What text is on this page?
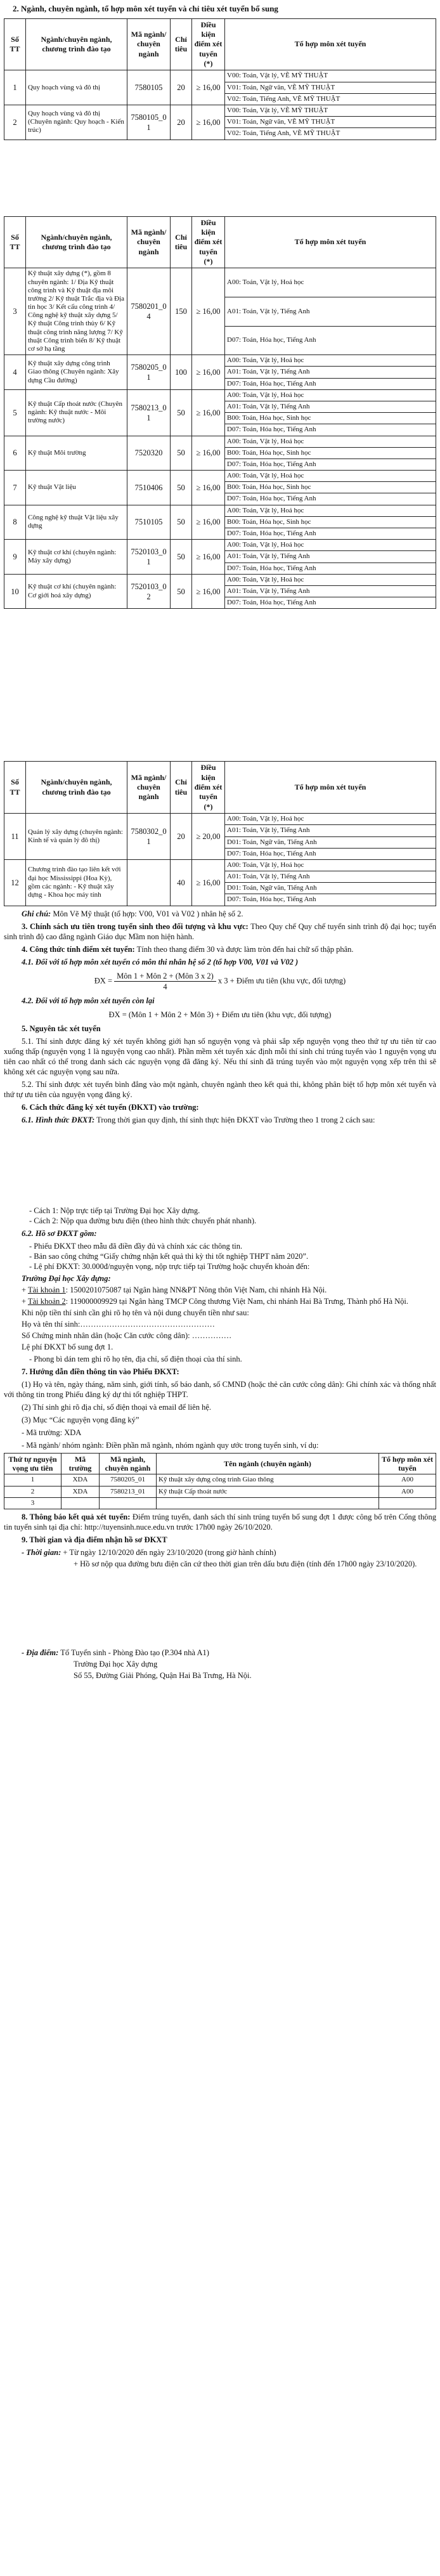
2. Ngành, chuyên ngành, tổ hợp môn xét tuyển và chỉ tiêu xét tuyển bổ sung
Số TT	Ngành/chuyên ngành, chương trình đào tạo	Mã ngành/ chuyên ngành	Chỉ tiêu	Điều kiện điểm xét tuyển (*)	Tổ hợp môn xét tuyển
1	Quy hoạch vùng và đô thị	7580105	20	≥ 16,00	V00: Toán, Vật lý, VẼ MỸ THUẬT
					V01: Toán, Ngữ văn, VẼ MỸ THUẬT
					V02: Toán, Tiếng Anh, VẼ MỸ THUẬT
2	Quy hoạch vùng và đô thị (Chuyên ngành: Quy hoạch - Kiến trúc)	7580105_01	20	≥ 16,00	V00: Toán, Vật lý, VẼ MỸ THUẬT
					V01: Toán, Ngữ văn, VẼ MỸ THUẬT
					V02: Toán, Tiếng Anh, VẼ MỸ THUẬT
Số TT	Ngành/chuyên ngành, chương trình đào tạo	Mã ngành/ chuyên ngành	Chỉ tiêu	Điều kiện điểm xét tuyển (*)	Tổ hợp môn xét tuyển
3	Kỹ thuật xây dựng (*), gồm 8 chuyên ngành: 1/ Địa Kỹ thuật công trình và Kỹ thuật địa môi trường 2/ Kỹ thuật Trắc địa và Địa tin học 3/ Kết cấu công trình 4/ Công nghệ kỹ thuật xây dựng 5/ Kỹ thuật Công trình thủy 6/ Kỹ thuật công trình năng lượng 7/ Kỹ thuật Công trình biển 8/ Kỹ thuật cơ sở hạ tầng	7580201_04	150	≥ 16,00	A00: Toán, Vật lý, Hoá học
					A01: Toán, Vật lý, Tiếng Anh
					D07: Toán, Hóa học, Tiếng Anh
4	Kỹ thuật xây dựng công trình Giao thông (Chuyên ngành: Xây dựng Cầu đường)	7580205_01	100	≥ 16,00	A00: Toán, Vật lý, Hoá học
					A01: Toán, Vật lý, Tiếng Anh
					D07: Toán, Hóa học, Tiếng Anh
5	Kỹ thuật Cấp thoát nước (Chuyên ngành: Kỹ thuật nước - Môi trường nước)	7580213_01	50	≥ 16,00	A00: Toán, Vật lý, Hoá học
					A01: Toán, Vật lý, Tiếng Anh
					B00: Toán, Hóa học, Sinh học
					D07: Toán, Hóa học, Tiếng Anh
6	Kỹ thuật Môi trường	7520320	50	≥ 16,00	A00: Toán, Vật lý, Hoá học
					B00: Toán, Hóa học, Sinh học
					D07: Toán, Hóa học, Tiếng Anh
7	Kỹ thuật Vật liệu	7510406	50	≥ 16,00	A00: Toán, Vật lý, Hoá học
					B00: Toán, Hóa học, Sinh học
					D07: Toán, Hóa học, Tiếng Anh
8	Công nghệ kỹ thuật Vật liệu xây dựng	7510105	50	≥ 16,00	A00: Toán, Vật lý, Hoá học
					B00: Toán, Hóa học, Sinh học
					D07: Toán, Hóa học, Tiếng Anh
9	Kỹ thuật cơ khí (chuyên ngành: Máy xây dựng)	7520103_01	50	≥ 16,00	A00: Toán, Vật lý, Hoá học
					A01: Toán, Vật lý, Tiếng Anh
					D07: Toán, Hóa học, Tiếng Anh
10	Kỹ thuật cơ khí (chuyên ngành: Cơ giới hoá xây dựng)	7520103_02	50	≥ 16,00	A00: Toán, Vật lý, Hoá học
					A01: Toán, Vật lý, Tiếng Anh
					D07: Toán, Hóa học, Tiếng Anh
Số TT	Ngành/chuyên ngành, chương trình đào tạo	Mã ngành/ chuyên ngành	Chỉ tiêu	Điều kiện điểm xét tuyển (*)	Tổ hợp môn xét tuyển
11	Quản lý xây dựng (chuyên ngành: Kinh tế và quản lý đô thị)	7580302_01	20	≥ 20,00	A00: Toán, Vật lý, Hoá học
					A01: Toán, Vật lý, Tiếng Anh
					D01: Toán, Ngữ văn, Tiếng Anh
					D07: Toán, Hóa học, Tiếng Anh
12	Chương trình đào tạo liên kết với đại học Mississippi (Hoa Kỳ), gồm các ngành: - Kỹ thuật xây dựng - Khoa học máy tính		40	≥ 16,00	A00: Toán, Vật lý, Hoá học
					A01: Toán, Vật lý, Tiếng Anh
					D01: Toán, Ngữ văn, Tiếng Anh
					D07: Toán, Hóa học, Tiếng Anh

Ghi chú: Môn Vẽ Mỹ thuật (tổ hợp: V00, V01 và V02 ) nhân hệ số 2.

3. Chính sách ưu tiên trong tuyển sinh theo đối tượng và khu vực: Theo Quy chế Quy chế tuyển sinh trình độ đại học; tuyển sinh trình độ cao đẳng ngành Giáo dục Mầm non hiện hành.

4. Công thức tính điểm xét tuyển: Tính theo thang điểm 30 và được làm tròn đến hai chữ số thập phân.

4.1. Đối với tổ hợp môn xét tuyển có môn thi nhân hệ số 2 (tổ hợp V00, V01 và V02 )

ĐX = $\frac{\text{Môn 1 + Môn 2 + (Môn 3 x 2)}}{4}$ x 3 + Điểm ưu tiên (khu vực, đối tượng)

4.2. Đối với tổ hợp môn xét tuyển còn lại

ĐX = (Môn 1 + Môn 2 + Môn 3) + Điểm ưu tiên (khu vực, đối tượng)

5. Nguyên tắc xét tuyển

5.1. Thí sinh được đăng ký xét tuyển không giới hạn số nguyện vọng và phải sắp xếp nguyện vọng theo thứ tự ưu tiên từ cao xuống thấp (nguyện vọng 1 là nguyện vọng cao nhất). Phần mềm xét tuyển xác định mỗi thí sinh chỉ trúng tuyển vào 1 nguyện vọng ưu tiên cao nhất có thể trong danh sách các nguyện vọng đã đăng ký. Nếu thí sinh đã trúng tuyển vào một nguyện vọng xếp trên thì sẽ không xét các nguyện vọng sau nữa.

5.2. Thí sinh được xét tuyển bình đẳng vào một ngành, chuyên ngành theo kết quả thi, không phân biệt tổ hợp môn xét tuyển và thứ tự ưu tiên của nguyện vọng đăng ký.

6. Cách thức đăng ký xét tuyển (ĐKXT) vào trường:

6.1. Hình thức ĐKXT: Trong thời gian quy định, thí sinh thực hiện ĐKXT vào Trường theo 1 trong 2 cách sau:

- Cách 1: Nộp trực tiếp tại Trường Đại học Xây dựng.
- Cách 2: Nộp qua đường bưu điện (theo hình thức chuyển phát nhanh).

6.2. Hồ sơ ĐKXT gồm:

- Phiếu ĐKXT theo mẫu đã điền đầy đủ và chính xác các thông tin.
- Bản sao công chứng “Giấy chứng nhận kết quả thi kỳ thi tốt nghiệp THPT năm 2020”.
- Lệ phí ĐKXT: 30.000đ/nguyện vọng, nộp trực tiếp tại Trường hoặc chuyển khoản đến:

Trường Đại học Xây dựng:

+ Tài khoản 1: 1500201075087 tại Ngân hàng NN&PT Nông thôn Việt Nam, chi nhánh Hà Nội.

+ Tài khoản 2: 119000009929 tại Ngân hàng TMCP Công thương Việt Nam, chi nhánh Hai Bà Trưng, Thành phố Hà Nội.

Khi nộp tiền thí sinh cần ghi rõ họ tên và nội dung chuyển tiền như sau:

Họ và tên thí sinh:……………………………………………

Số Chứng minh nhân dân (hoặc Căn cước công dân): ……………

Lệ phí ĐKXT bổ sung đợt 1.

- Phong bì dán tem ghi rõ họ tên, địa chỉ, số điện thoại của thí sinh.

7. Hướng dẫn điền thông tin vào Phiếu ĐKXT:

(1) Họ và tên, ngày tháng, năm sinh, giới tính, số báo danh, số CMND (hoặc thẻ căn cước công dân): Ghi chính xác và thống nhất với thông tin trong Phiếu đăng ký dự thi tốt nghiệp THPT.

(2) Thí sinh ghi rõ địa chỉ, số điện thoại và email để liên hệ.

(3) Mục “Các nguyện vọng đăng ký”

- Mã trường: XDA

- Mã ngành/ nhóm ngành: Điền phần mã ngành, nhóm ngành quy ước trong tuyển sinh, ví dụ:

Thứ tự nguyện vọng ưu tiên	Mã trường	Mã ngành, chuyên ngành	Tên ngành (chuyên ngành)	Tổ hợp môn xét tuyển
1	XDA	7580205_01	Kỹ thuật xây dựng công trình Giao thông	A00
2	XDA	7580213_01	Kỹ thuật Cấp thoát nước	A00
3				

8. Thông báo kết quả xét tuyển: Điểm trúng tuyển, danh sách thí sinh trúng tuyển bổ sung đợt 1 được công bố trên Cổng thông tin tuyển sinh tại địa chỉ: http://tuyensinh.nuce.edu.vn trước 17h00 ngày 26/10/2020.

9. Thời gian và địa điểm nhận hồ sơ ĐKXT

- Thời gian: + Từ ngày 12/10/2020 đến ngày 23/10/2020 (trong giờ hành chính)

+ Hồ sơ nộp qua đường bưu điện căn cứ theo thời gian trên dấu bưu điện (tính đến 17h00 ngày 23/10/2020).

- Địa điểm: Tổ Tuyển sinh - Phòng Đào tạo (P.304 nhà A1)

Trường Đại học Xây dựng

Số 55, Đường Giải Phóng, Quận Hai Bà Trưng, Hà Nội.
